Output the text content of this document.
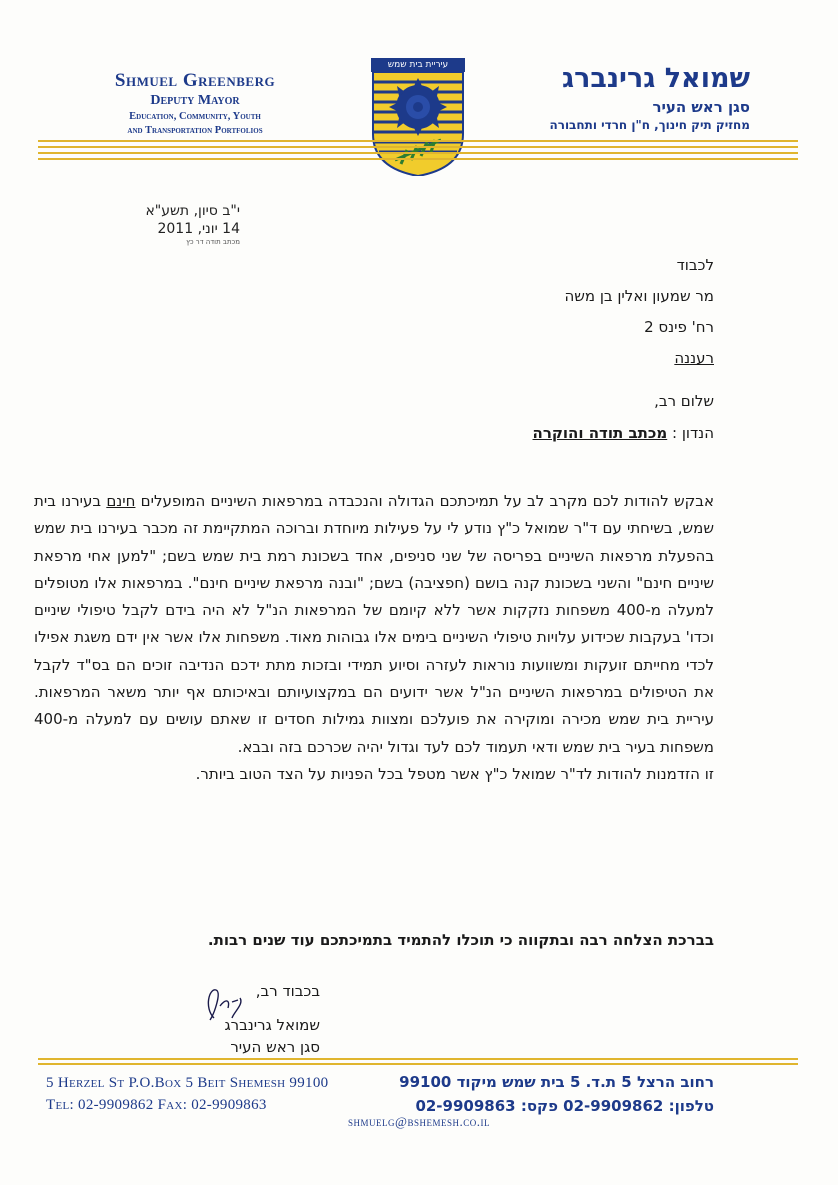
Shmuel Greenberg
Deputy Mayor
Education, Community, Youth
and Transportation Portfolios
עיריית בית שמש	שמואל גרינברג
סגן ראש העיר
מחזיק תיק חינוך, ח"ן חרדי ותחבורה
י"ב סיון, תשע"א
14 יוני, 2011
מכתב תודה דר כץ
לכבוד
מר שמעון ואלין בן משה
רח' פינס 2
רעננה
שלום רב,
הנדון : מכתב תודה והוקרה

אבקש להודות לכם מקרב לב על תמיכתכם הגדולה והנכבדה במרפאות השיניים המופעלים חינם בעירנו בית שמש, בשיחתי עם ד"ר שמואל כ"ץ נודע לי על פעילות מיוחדת וברוכה המתקיימת זה מכבר בעירנו בית שמש בהפעלת מרפאות השיניים בפריסה של שני סניפים, אחד בשכונת רמת בית שמש בשם; "למען אחי מרפאת שיניים חינם" והשני בשכונת קנה בושם (חפציבה) בשם; "ובנה מרפאת שיניים חינם". במרפאות אלו מטופלים למעלה מ-400 משפחות נזקקות אשר ללא קיומם של המרפאות הנ"ל לא היה בידם לקבל טיפולי שיניים וכדו' בעקבות שכידוע עלויות טיפולי השיניים בימים אלו גבוהות מאוד. משפחות אלו אשר אין ידם משגת אפילו לכדי מחייתם זועקות ומשוועות נוראות לעזרה וסיוע תמידי ובזכות מתת ידכם הנדיבה זוכים הם בס"ד לקבל את הטיפולים במרפאות השיניים הנ"ל אשר ידועים הם במקצועיותם ובאיכותם אף יותר משאר המרפאות. עיריית בית שמש מכירה ומוקירה את פועלכם ומצוות גמילות חסדים זו שאתם עושים עם למעלה מ-400 משפחות בעיר בית שמש ודאי תעמוד לכם לעד וגדול יהיה שכרכם בזה ובבא.

זו הזדמנות להודות לד"ר שמואל כ"ץ אשר מטפל בכל הפניות על הצד הטוב ביותר.

בברכת הצלחה רבה ובתקווה כי תוכלו להתמיד בתמיכתכם עוד שנים רבות.
בכבוד רב,
שמואל גרינברג
סגן ראש העיר
5 Herzel St P.O.Box 5 Beit Shemesh 99100
Tel: 02-9909862 Fax: 02-9909863
רחוב הרצל 5 ת.ד. 5 בית שמש מיקוד 99100
טלפון: 02-9909862 פקס: 02-9909863
shmuelg@bshemesh.co.il
